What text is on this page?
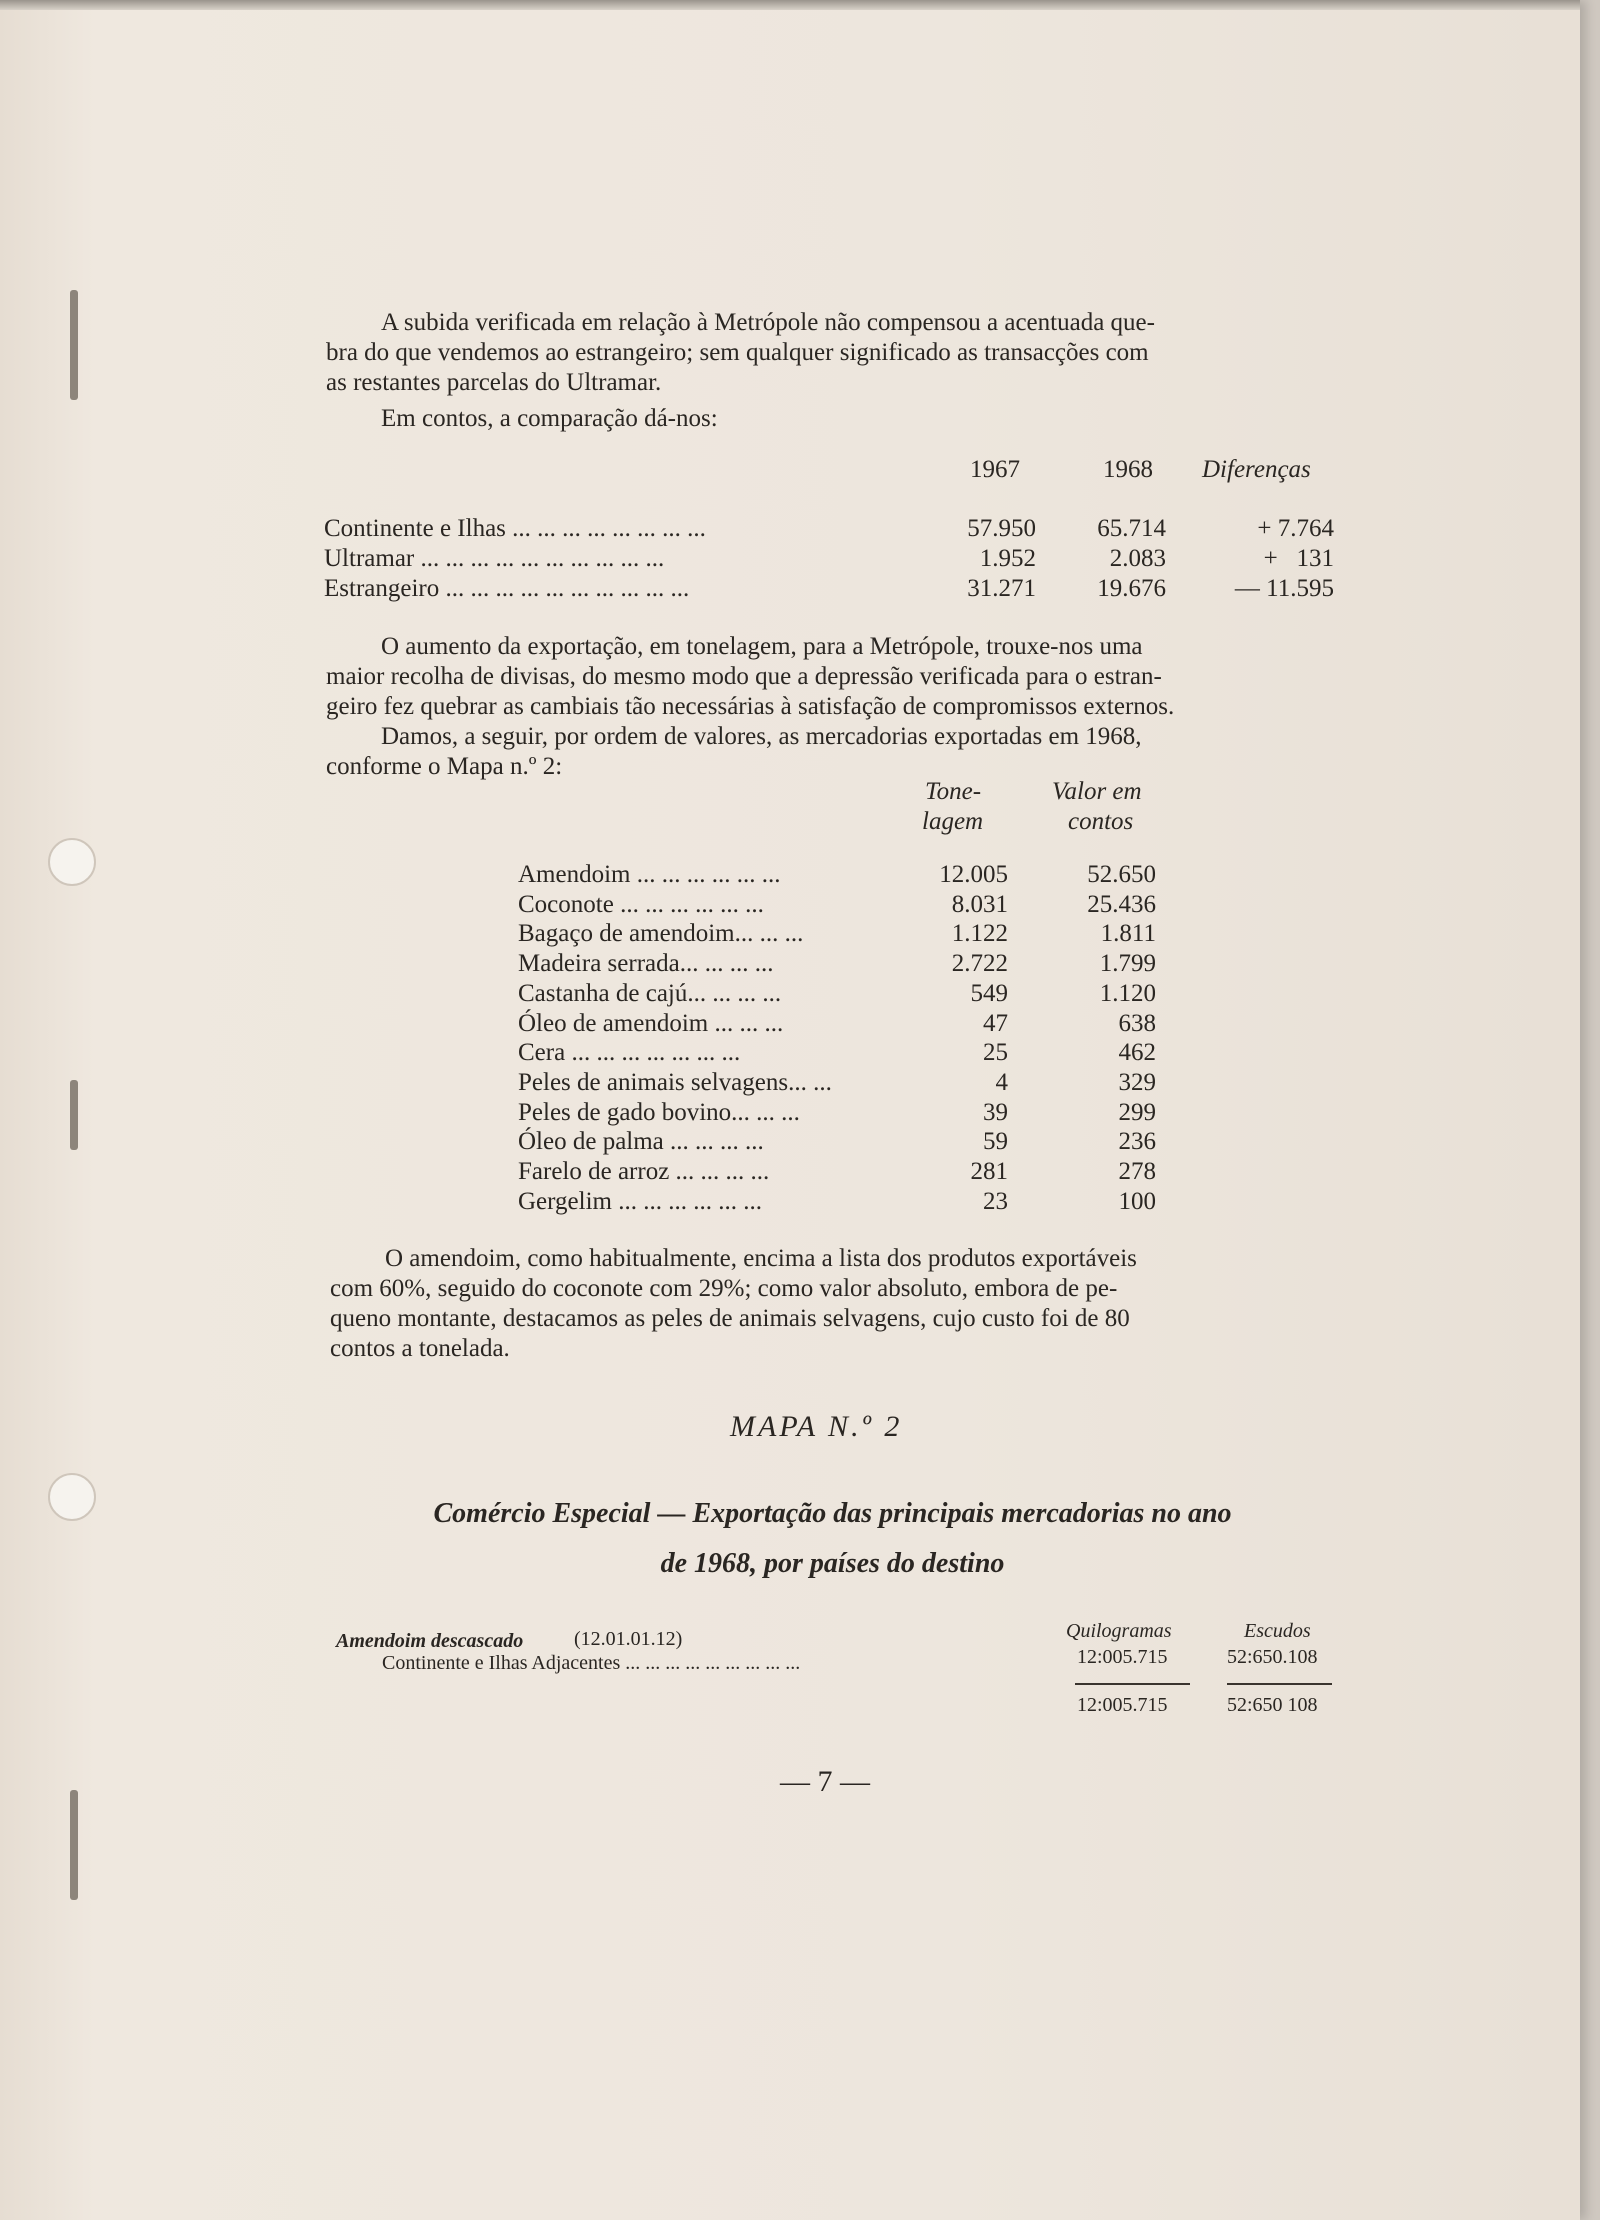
A subida verificada em relação à Metrópole não compensou a acentuada que-

bra do que vendemos ao estrangeiro; sem qualquer significado as transacções com

as restantes parcelas do Ultramar.

Em contos, a comparação dá-nos:

1967	1968 Diferenças
Continente e Ilhas ... ... ... ... ... ... ... ...	57.950	65.714	+ 7.764
Ultramar ... ... ... ... ... ... ... ... ... ...	1.952	2.083	+   131
Estrangeiro ... ... ... ... ... ... ... ... ... ...	31.271	19.676	— 11.595

O aumento da exportação, em tonelagem, para a Metrópole, trouxe-nos uma

maior recolha de divisas, do mesmo modo que a depressão verificada para o estran-

geiro fez quebrar as cambiais tão necessárias à satisfação de compromissos externos.

Damos, a seguir, por ordem de valores, as mercadorias exportadas em 1968,

conforme o Mapa n.º 2:

Tone-
lagem
Valor em
contos
Amendoim ... ... ... ... ... ...	12.005	52.650
Coconote ... ... ... ... ... ...	8.031	25.436
Bagaço de amendoim... ... ...	1.122	1.811
Madeira serrada... ... ... ...	2.722	1.799
Castanha de cajú... ... ... ...	549	1.120
Óleo de amendoim ... ... ...	47	638
Cera ... ... ... ... ... ... ...	25	462
Peles de animais selvagens... ...	4	329
Peles de gado bovino... ... ...	39	299
Óleo de palma ... ... ... ...	59	236
Farelo de arroz ... ... ... ...	281	278
Gergelim ... ... ... ... ... ...	23	100

O amendoim, como habitualmente, encima a lista dos produtos exportáveis

com 60%, seguido do coconote com 29%; como valor absoluto, embora de pe-

queno montante, destacamos as peles de animais selvagens, cujo custo foi de 80

contos a tonelada.

MAPA N.º 2
Comércio Especial — Exportação das principais mercadorias no ano
de 1968, por países do destino
Amendoim descascado	(12.01.01.12)	Quilogramas	Escudos
Continente e Ilhas Adjacentes ... ... ... ... ... ... ... ... ...	12:005.715	52:650.108
12:005.715	52:650 108
— 7 —
